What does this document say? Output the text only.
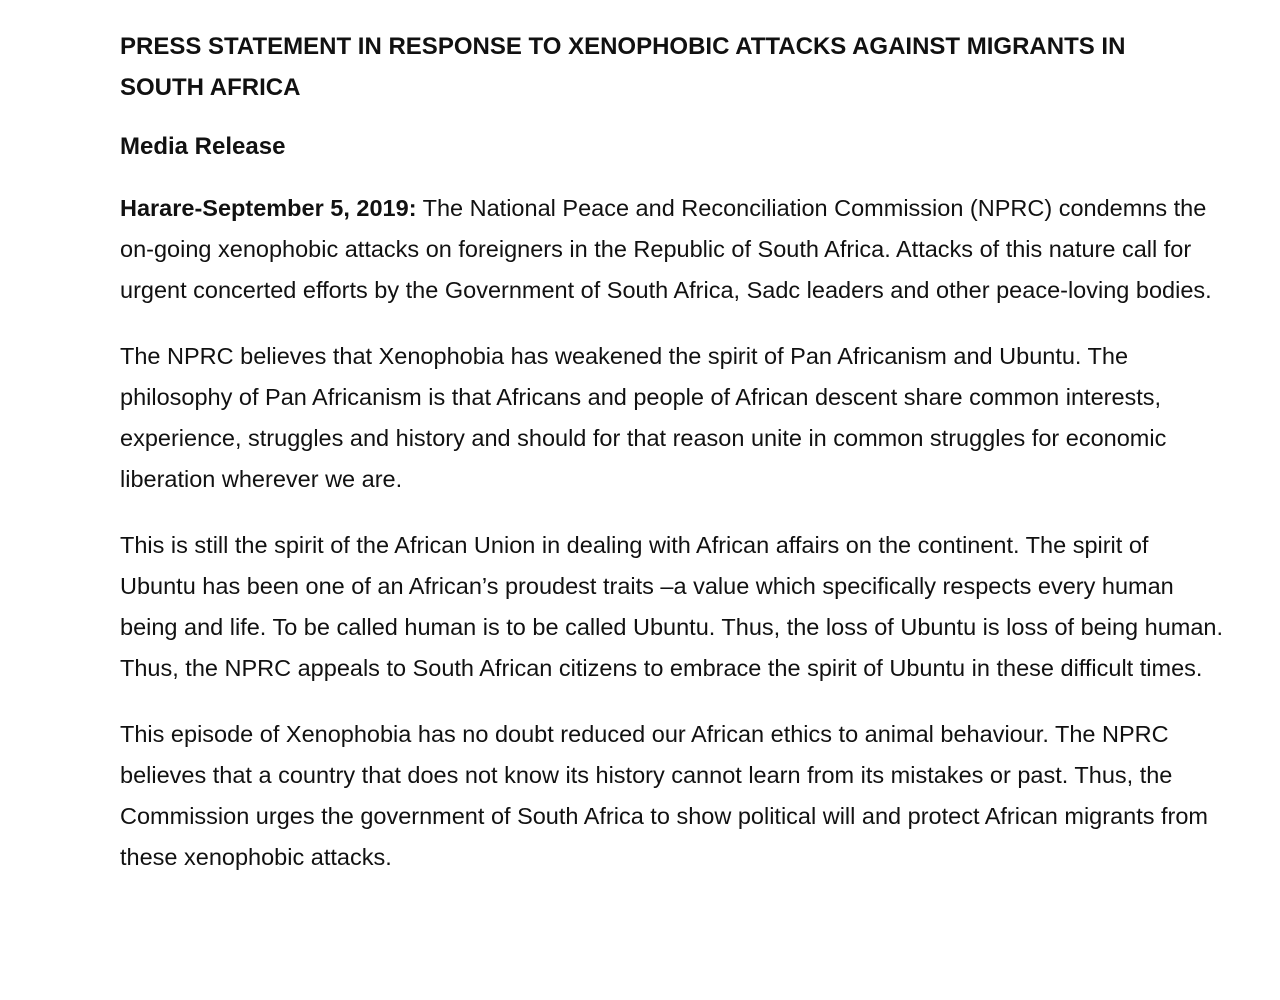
PRESS STATEMENT IN RESPONSE TO XENOPHOBIC ATTACKS AGAINST MIGRANTS IN SOUTH AFRICA
Media Release

Harare-September 5, 2019: The National Peace and Reconciliation Commission (NPRC) condemns the on-going xenophobic attacks on foreigners in the Republic of South Africa. Attacks of this nature call for urgent concerted efforts by the Government of South Africa, Sadc leaders and other peace-loving bodies.

The NPRC believes that Xenophobia has weakened the spirit of Pan Africanism and Ubuntu. The philosophy of Pan Africanism is that Africans and people of African descent share common interests, experience, struggles and history and should for that reason unite in common struggles for economic liberation wherever we are.

This is still the spirit of the African Union in dealing with African affairs on the continent. The spirit of Ubuntu has been one of an African’s proudest traits –a value which specifically respects every human being and life. To be called human is to be called Ubuntu. Thus, the loss of Ubuntu is loss of being human. Thus, the NPRC appeals to South African citizens to embrace the spirit of Ubuntu in these difficult times.

This episode of Xenophobia has no doubt reduced our African ethics to animal behaviour. The NPRC believes that a country that does not know its history cannot learn from its mistakes or past. Thus, the Commission urges the government of South Africa to show political will and protect African migrants from these xenophobic attacks.
